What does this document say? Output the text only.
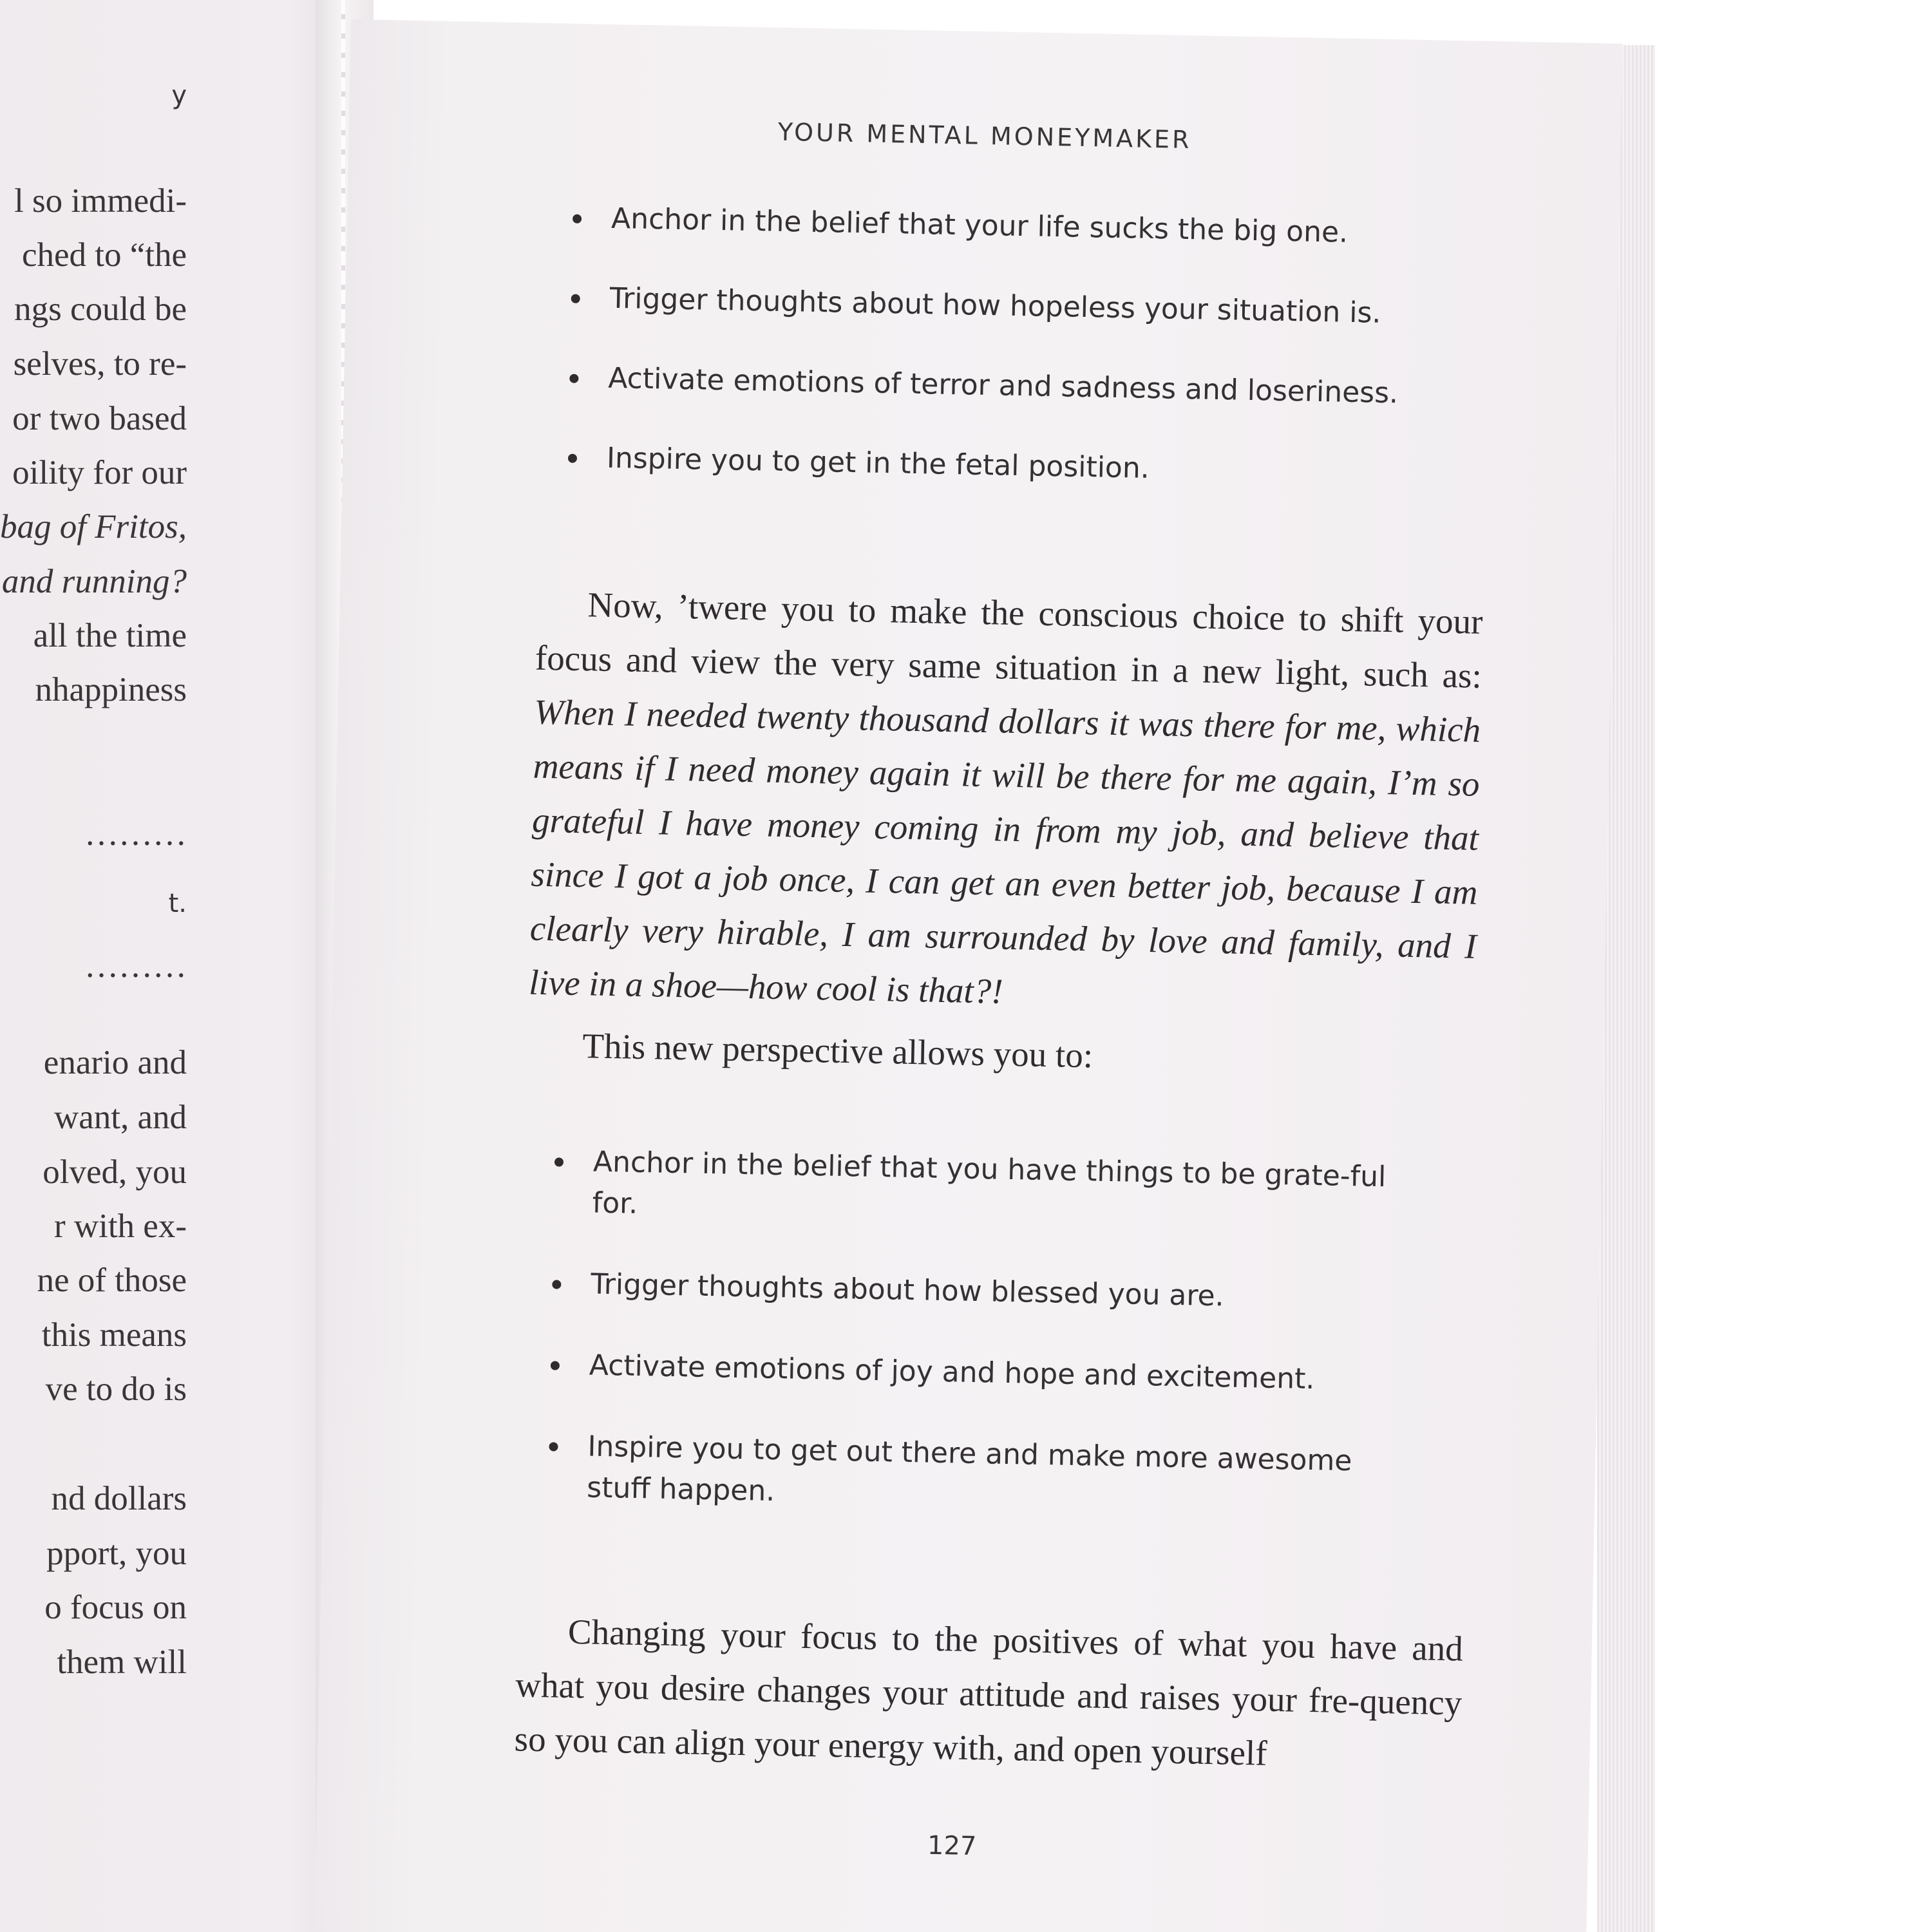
y
l so immedi-
ched to “the
ngs could be
selves, to re-
or two based
oility for our
bag of Fritos,
and running?
all the time
nhappiness
………
t.
………
enario and
want, and
olved, you
r with ex-
ne of those
this means
ve to do is
nd dollars
pport, you
o focus on
them will
YOUR MENTAL MONEYMAKER
Anchor in the belief that your life sucks the big one.
Trigger thoughts about how hopeless your situation is.
Activate emotions of terror and sadness and loseriness.
Inspire you to get in the fetal position.

Now, ’twere you to make the conscious choice to shift your focus and view the very same situation in a new light, such as: When I needed twenty thousand dollars it was there for me, which means if I need money again it will be there for me again, I’m so grateful I have money coming in from my job, and believe that since I got a job once, I can get an even better job, because I am clearly very hirable, I am surrounded by love and family, and I live in a shoe—how cool is that?!

This new perspective allows you to:

Anchor in the belief that you have things to be grate-ful for.
Trigger thoughts about how blessed you are.
Activate emotions of joy and hope and excitement.
Inspire you to get out there and make more awesome stuff happen.

Changing your focus to the positives of what you have and what you desire changes your attitude and raises your fre-quency so you can align your energy with, and open yourself

127
